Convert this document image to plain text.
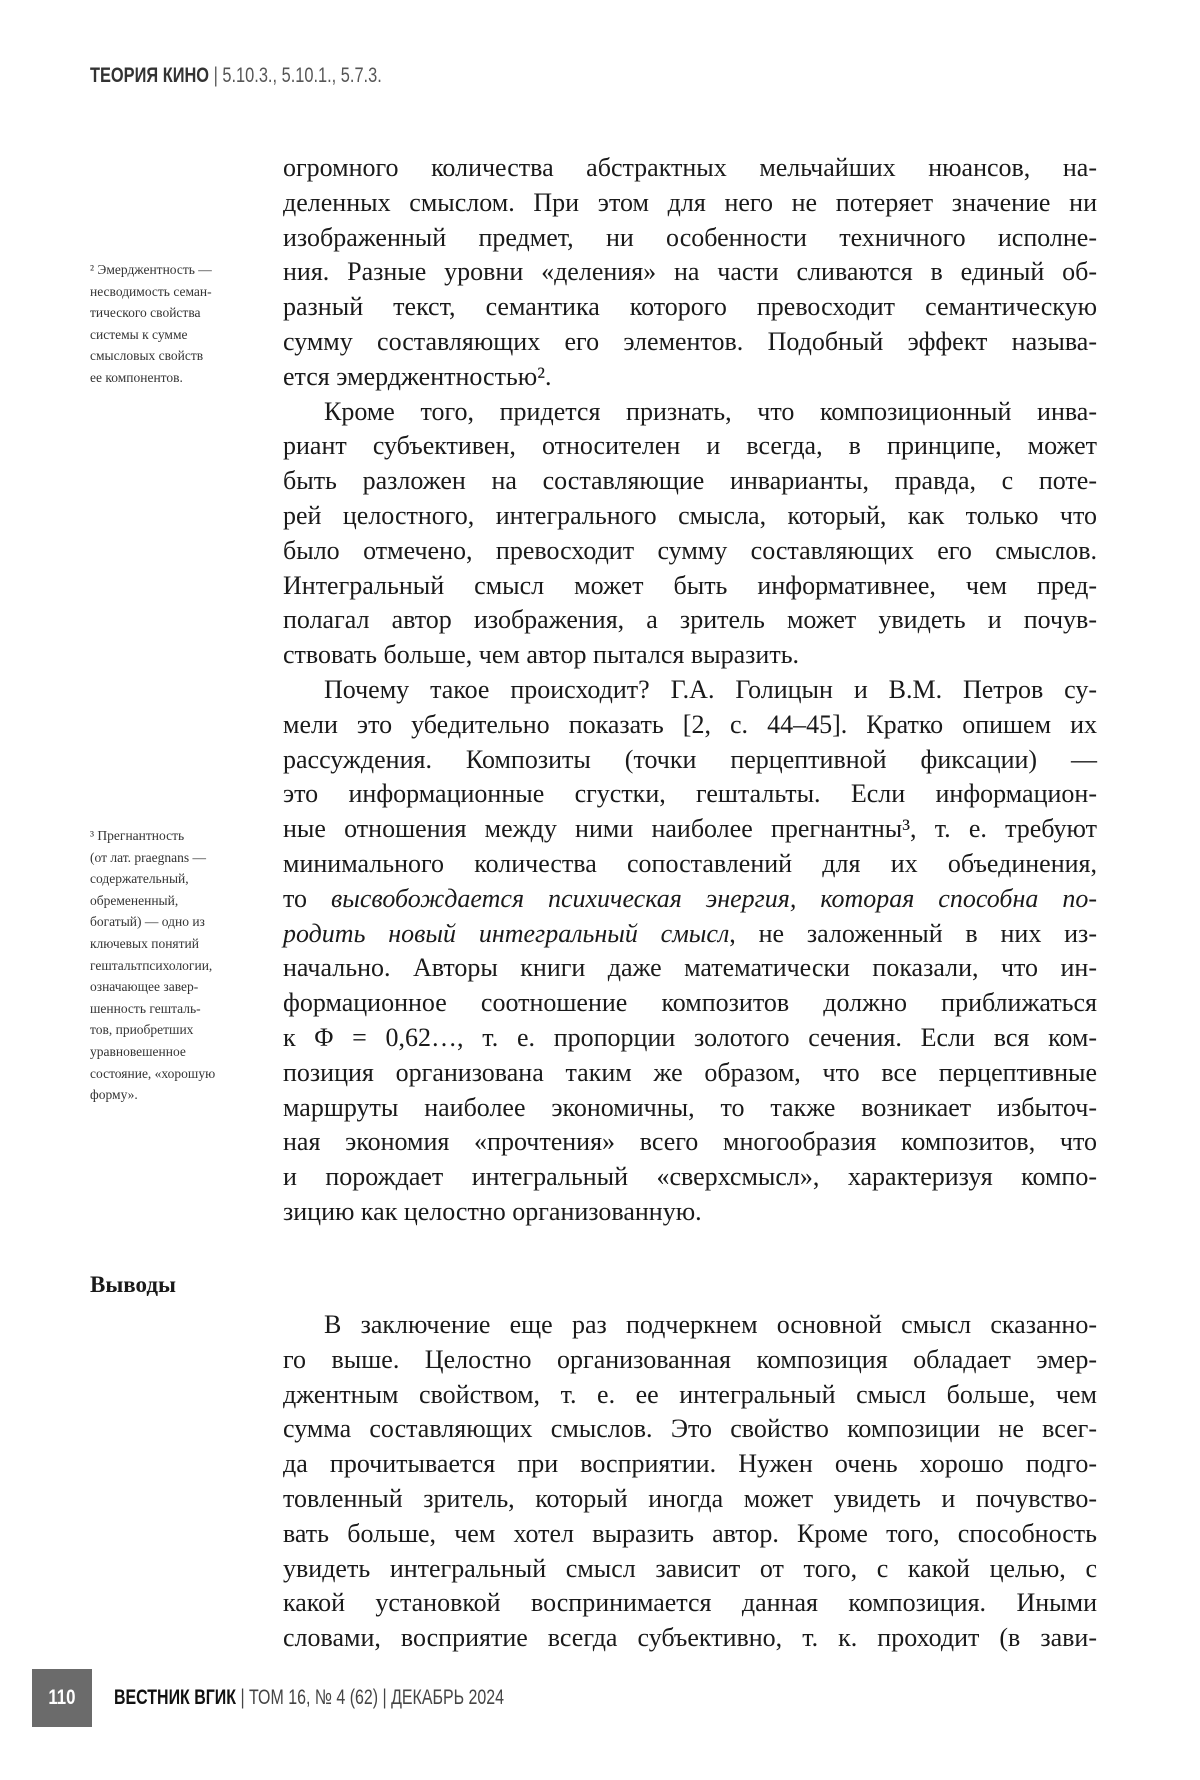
ТЕОРИЯ КИНО | 5.10.3., 5.10.1., 5.7.3.
² Эмерджентность —
несводимость семан-
тического свойства
системы к сумме
смысловых свойств
ее компонентов.
³ Прегнантность
(от лат. praegnans —
содержательный,
обремененный,
богатый) — одно из
ключевых понятий
гештальтпсихологии,
означающее завер-
шенность гешталь-
тов, приобретших
уравновешенное
состояние, «хорошую
форму».
огромного количества абстрактных мельчайших нюансов, на-
деленных смыслом. При этом для него не потеряет значение ни
изображенный предмет, ни особенности техничного исполне-
ния. Разные уровни «деления» на части сливаются в единый об-
разный текст, семантика которого превосходит семантическую
сумму составляющих его элементов. Подобный эффект называ-
ется эмерджентностью².
Кроме того, придется признать, что композиционный инва-
риант субъективен, относителен и всегда, в принципе, может
быть разложен на составляющие инварианты, правда, с поте-
рей целостного, интегрального смысла, который, как только что
было отмечено, превосходит сумму составляющих его смыслов.
Интегральный смысл может быть информативнее, чем пред-
полагал автор изображения, а зритель может увидеть и почув-
ствовать больше, чем автор пытался выразить.
Почему такое происходит? Г.А. Голицын и В.М. Петров су-
мели это убедительно показать [2, с. 44–45]. Кратко опишем их
рассуждения. Композиты (точки перцептивной фиксации) —
это информационные сгустки, гештальты. Если информацион-
ные отношения между ними наиболее прегнантны³, т. е. требуют
минимального количества сопоставлений для их объединения,
то высвобождается психическая энергия, которая способна по-
родить новый интегральный смысл, не заложенный в них из-
начально. Авторы книги даже математически показали, что ин-
формационное соотношение композитов должно приближаться
к Φ = 0,62…, т. е. пропорции золотого сечения. Если вся ком-
позиция организована таким же образом, что все перцептивные
маршруты наиболее экономичны, то также возникает избыточ-
ная экономия «прочтения» всего многообразия композитов, что
и порождает интегральный «сверхсмысл», характеризуя компо-
зицию как целостно организованную.
Выводы
В заключение еще раз подчеркнем основной смысл сказанно-
го выше. Целостно организованная композиция обладает эмер-
джентным свойством, т. е. ее интегральный смысл больше, чем
сумма составляющих смыслов. Это свойство композиции не всег-
да прочитывается при восприятии. Нужен очень хорошо подго-
товленный зритель, который иногда может увидеть и почувство-
вать больше, чем хотел выразить автор. Кроме того, способность
увидеть интегральный смысл зависит от того, с какой целью, с
какой установкой воспринимается данная композиция. Иными
словами, восприятие всегда субъективно, т. к. проходит (в зави-
110 ВЕСТНИК ВГИК | ТОМ 16, № 4 (62) | ДЕКАБРЬ 2024
